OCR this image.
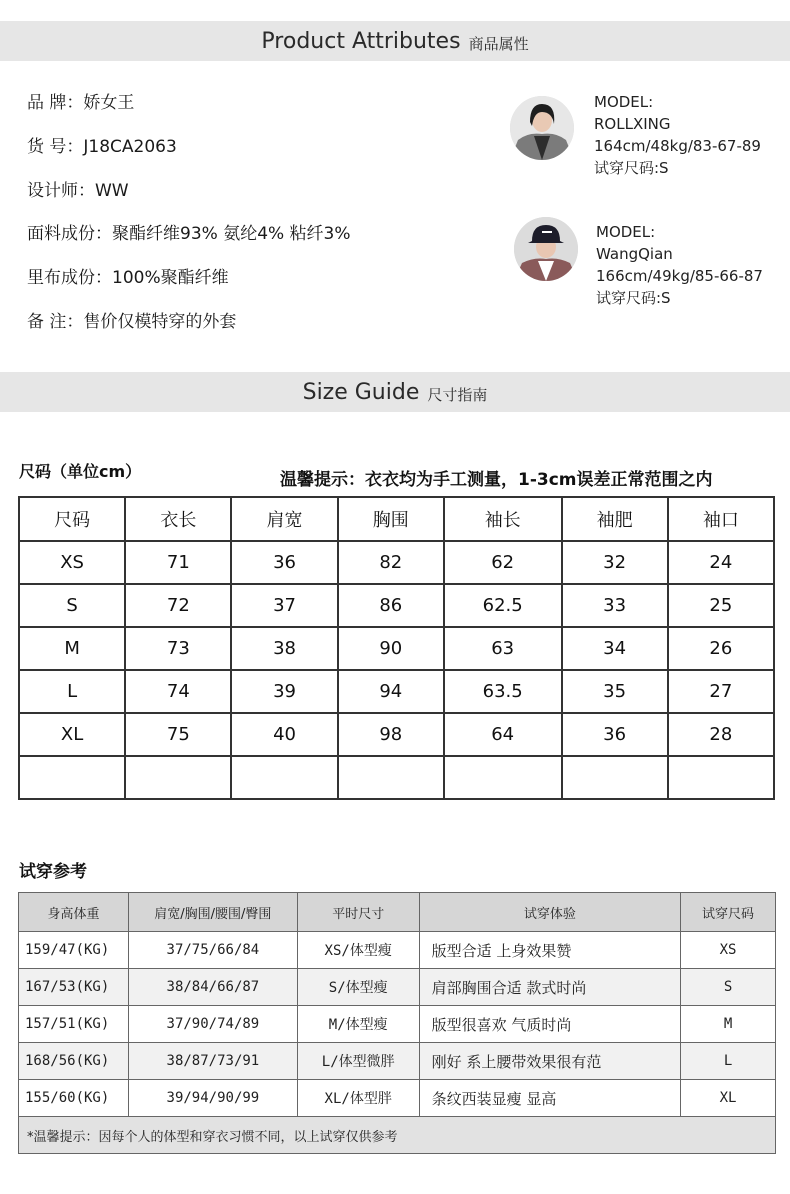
Product Attributes 商品属性
品 牌：娇女王
货 号：J18CA2063
设计师：WW
面料成份：聚酯纤维93% 氨纶4% 粘纤3%
里布成份：100%聚酯纤维
备 注：售价仅模特穿的外套
MODEL:
ROLLXING
164cm/48kg/83-67-89
试穿尺码:S
MODEL:
WangQian
166cm/49kg/85-66-87
试穿尺码:S
Size Guide 尺寸指南
尺码（单位cm）	温馨提示：衣衣均为手工测量，1-3cm误差正常范围之内
尺码	衣长	肩宽	胸围	袖长	袖肥	袖口
XS	71	36	82	62	32	24
S	72	37	86	62.5	33	25
M	73	38	90	63	34	26
L	74	39	94	63.5	35	27
XL	75	40	98	64	36	28

试穿参考
身高体重	肩宽/胸围/腰围/臀围	平时尺寸	试穿体验	试穿尺码
159/47(KG)	37/75/66/84	XS/体型瘦	版型合适 上身效果赞	XS
167/53(KG)	38/84/66/87	S/体型瘦	肩部胸围合适 款式时尚	S
157/51(KG)	37/90/74/89	M/体型瘦	版型很喜欢 气质时尚	M
168/56(KG)	38/87/73/91	L/体型微胖	刚好 系上腰带效果很有范	L
155/60(KG)	39/94/90/99	XL/体型胖	条纹西装显瘦 显高	XL
*温馨提示：因每个人的体型和穿衣习惯不同，以上试穿仅供参考				
